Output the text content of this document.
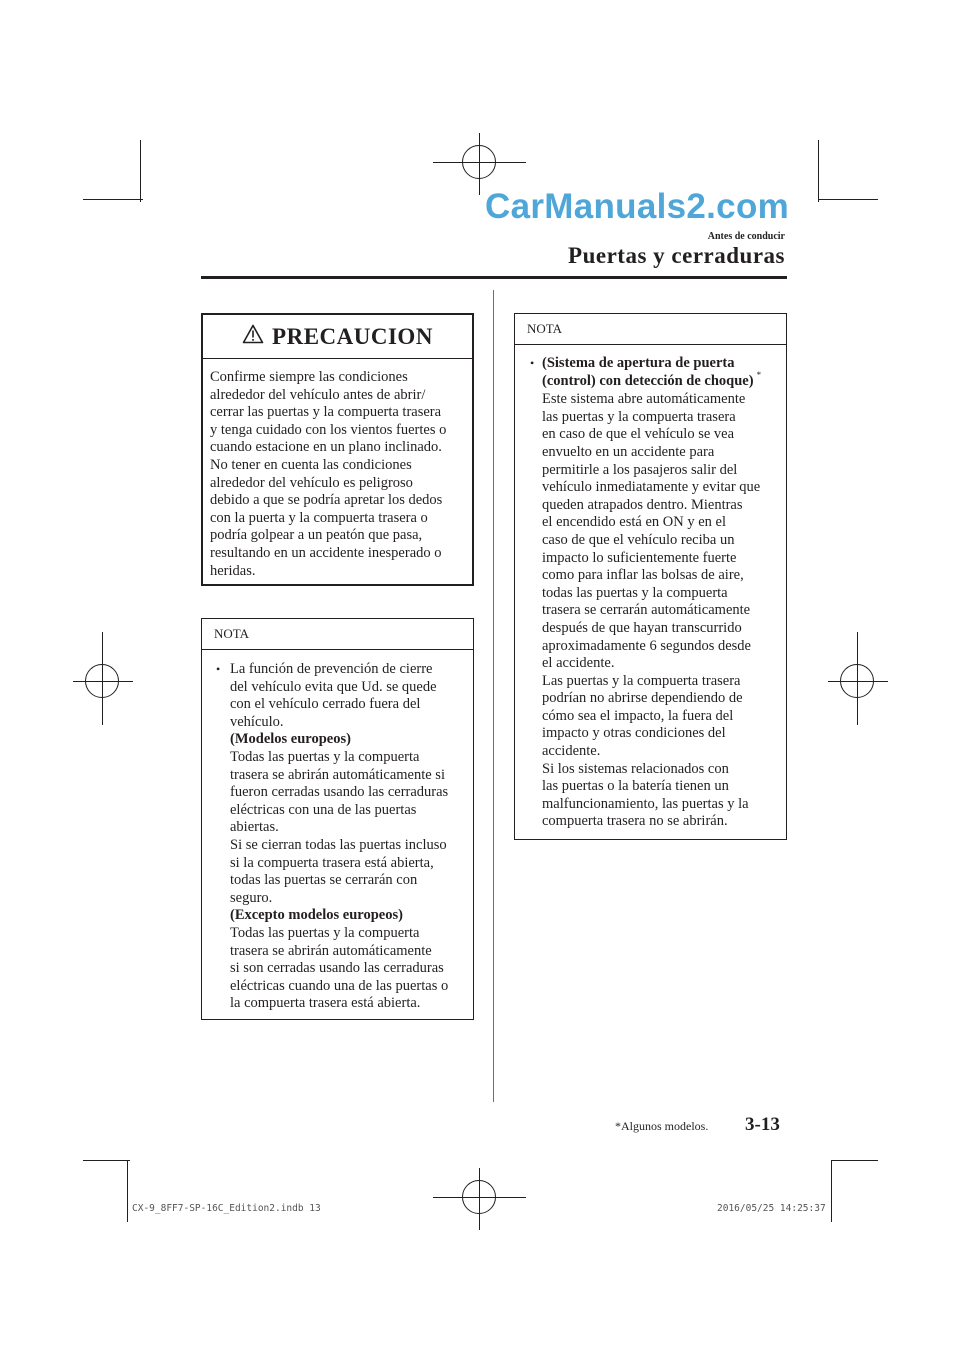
CarManuals2.com
Antes de conducir
Puertas y cerraduras
PRECAUCION
Confirme siempre las condiciones
alrededor del vehículo antes de abrir/
cerrar las puertas y la compuerta trasera
y tenga cuidado con los vientos fuertes o
cuando estacione en un plano inclinado.
No tener en cuenta las condiciones
alrededor del vehículo es peligroso
debido a que se podría apretar los dedos
con la puerta y la compuerta trasera o
podría golpear a un peatón que pasa,
resultando en un accidente inesperado o
heridas.
NOTA
• La función de prevención de cierre
del vehículo evita que Ud. se quede
con el vehículo cerrado fuera del
vehículo.
(Modelos europeos)
Todas las puertas y la compuerta
trasera se abrirán automáticamente si
fueron cerradas usando las cerraduras
eléctricas con una de las puertas
abiertas.
Si se cierran todas las puertas incluso
si la compuerta trasera está abierta,
todas las puertas se cerrarán con
seguro.
(Excepto modelos europeos)
Todas las puertas y la compuerta
trasera se abrirán automáticamente
si son cerradas usando las cerraduras
eléctricas cuando una de las puertas o
la compuerta trasera está abierta.
NOTA
• (Sistema de apertura de puerta
(control) con detección de choque) *
Este sistema abre automáticamente
las puertas y la compuerta trasera
en caso de que el vehículo se vea
envuelto en un accidente para
permitirle a los pasajeros salir del
vehículo inmediatamente y evitar que
queden atrapados dentro. Mientras
el encendido está en ON y en el
caso de que el vehículo reciba un
impacto lo suficientemente fuerte
como para inflar las bolsas de aire,
todas las puertas y la compuerta
trasera se cerrarán automáticamente
después de que hayan transcurrido
aproximadamente 6 segundos desde
el accidente.
Las puertas y la compuerta trasera
podrían no abrirse dependiendo de
cómo sea el impacto, la fuera del
impacto y otras condiciones del
accidente.
Si los sistemas relacionados con
las puertas o la batería tienen un
malfuncionamiento, las puertas y la
compuerta trasera no se abrirán.
*Algunos modelos. 3-13
CX-9_8FF7-SP-16C_Edition2.indb 13	2016/05/25 14:25:37
